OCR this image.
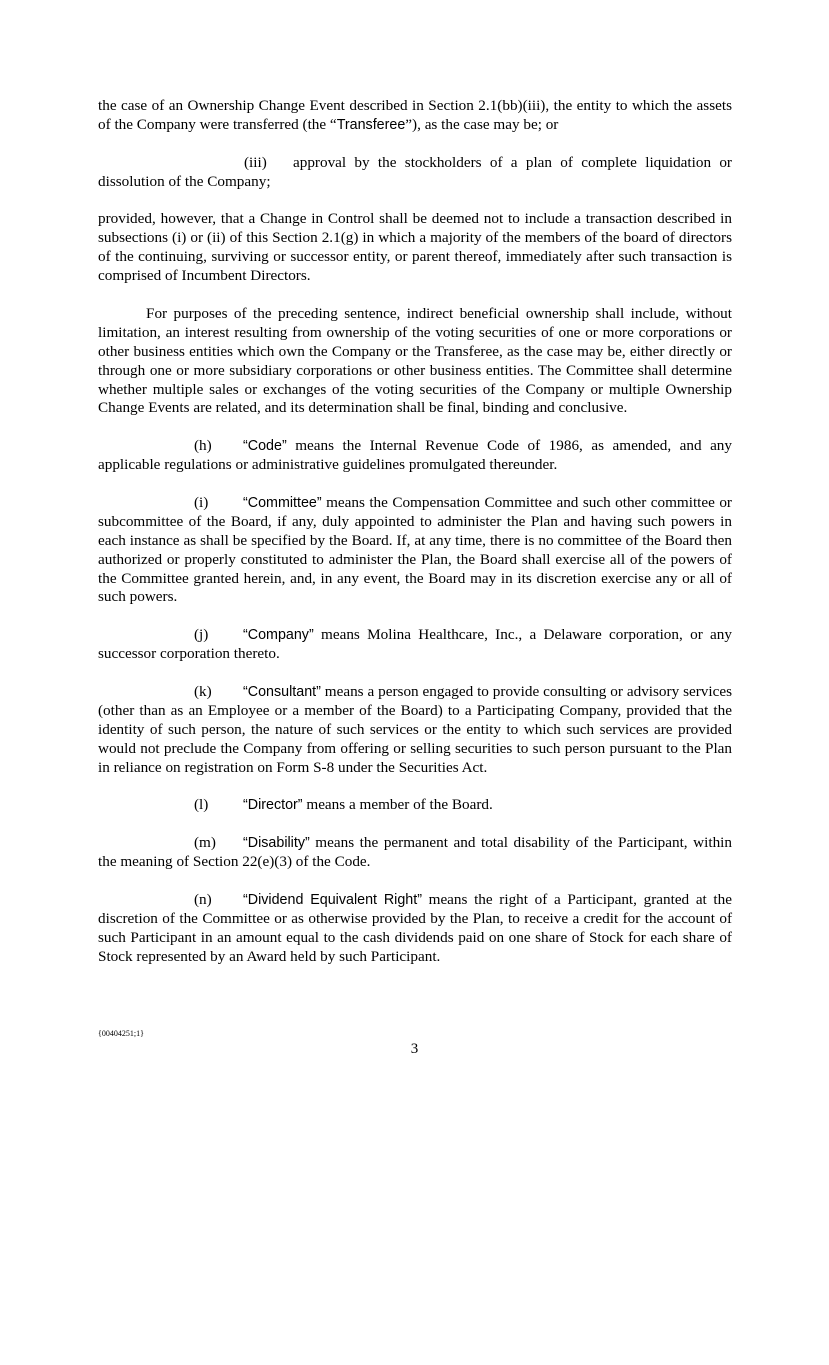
the case of an Ownership Change Event described in Section 2.1(bb)(iii), the entity to which the assets of the Company were transferred (the “Transferee”), as the case may be; or

(iii) approval by the stockholders of a plan of complete liquidation or dissolution of the Company;

provided, however, that a Change in Control shall be deemed not to include a transaction described in subsections (i) or (ii) of this Section 2.1(g) in which a majority of the members of the board of directors of the continuing, surviving or successor entity, or parent thereof, immediately after such transaction is comprised of Incumbent Directors.

For purposes of the preceding sentence, indirect beneficial ownership shall include, without limitation, an interest resulting from ownership of the voting securities of one or more corporations or other business entities which own the Company or the Transferee, as the case may be, either directly or through one or more subsidiary corporations or other business entities. The Committee shall determine whether multiple sales or exchanges of the voting securities of the Company or multiple Ownership Change Events are related, and its determination shall be final, binding and conclusive.

(h) “Code” means the Internal Revenue Code of 1986, as amended, and any applicable regulations or administrative guidelines promulgated thereunder.

(i) “Committee” means the Compensation Committee and such other committee or subcommittee of the Board, if any, duly appointed to administer the Plan and having such powers in each instance as shall be specified by the Board. If, at any time, there is no committee of the Board then authorized or properly constituted to administer the Plan, the Board shall exercise all of the powers of the Committee granted herein, and, in any event, the Board may in its discretion exercise any or all of such powers.

(j) “Company” means Molina Healthcare, Inc., a Delaware corporation, or any successor corporation thereto.

(k) “Consultant” means a person engaged to provide consulting or advisory services (other than as an Employee or a member of the Board) to a Participating Company, provided that the identity of such person, the nature of such services or the entity to which such services are provided would not preclude the Company from offering or selling securities to such person pursuant to the Plan in reliance on registration on Form S-8 under the Securities Act.

(l) “Director” means a member of the Board.

(m) “Disability” means the permanent and total disability of the Participant, within the meaning of Section 22(e)(3) of the Code.

(n) “Dividend Equivalent Right” means the right of a Participant, granted at the discretion of the Committee or as otherwise provided by the Plan, to receive a credit for the account of such Participant in an amount equal to the cash dividends paid on one share of Stock for each share of Stock represented by an Award held by such Participant.

{00404251;1}
3
